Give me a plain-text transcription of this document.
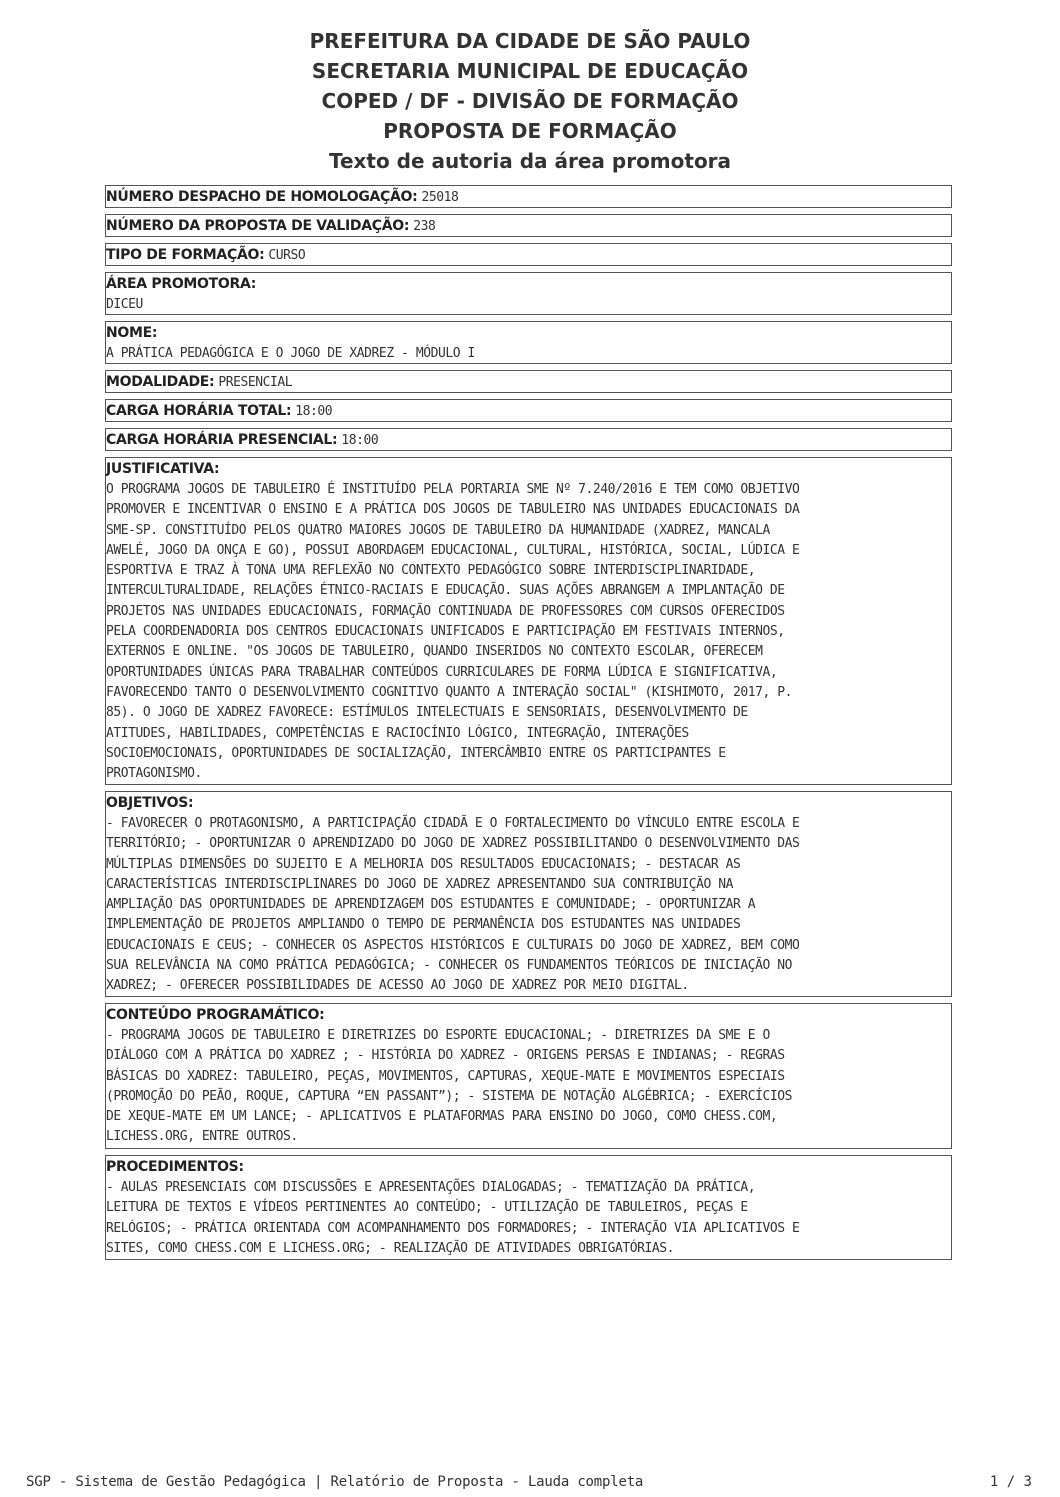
PREFEITURA DA CIDADE DE SÃO PAULO
SECRETARIA MUNICIPAL DE EDUCAÇÃO
COPED / DF - DIVISÃO DE FORMAÇÃO
PROPOSTA DE FORMAÇÃO
Texto de autoria da área promotora
NÚMERO DESPACHO DE HOMOLOGAÇÃO: 25018
NÚMERO DA PROPOSTA DE VALIDAÇÃO: 238
TIPO DE FORMAÇÃO: CURSO
ÁREA PROMOTORA:
DICEU
NOME:
A PRÁTICA PEDAGÓGICA E O JOGO DE XADREZ - MÓDULO I
MODALIDADE: PRESENCIAL
CARGA HORÁRIA TOTAL: 18:00
CARGA HORÁRIA PRESENCIAL: 18:00
JUSTIFICATIVA:
O PROGRAMA JOGOS DE TABULEIRO É INSTITUÍDO PELA PORTARIA SME Nº 7.240/2016 E TEM COMO OBJETIVO
PROMOVER E INCENTIVAR O ENSINO E A PRÁTICA DOS JOGOS DE TABULEIRO NAS UNIDADES EDUCACIONAIS DA
SME-SP. CONSTITUÍDO PELOS QUATRO MAIORES JOGOS DE TABULEIRO DA HUMANIDADE (XADREZ, MANCALA
AWELÉ, JOGO DA ONÇA E GO), POSSUI ABORDAGEM EDUCACIONAL, CULTURAL, HISTÓRICA, SOCIAL, LÚDICA E
ESPORTIVA E TRAZ À TONA UMA REFLEXÃO NO CONTEXTO PEDAGÓGICO SOBRE INTERDISCIPLINARIDADE,
INTERCULTURALIDADE, RELAÇÕES ÉTNICO-RACIAIS E EDUCAÇÃO. SUAS AÇÕES ABRANGEM A IMPLANTAÇÃO DE
PROJETOS NAS UNIDADES EDUCACIONAIS, FORMAÇÃO CONTINUADA DE PROFESSORES COM CURSOS OFERECIDOS
PELA COORDENADORIA DOS CENTROS EDUCACIONAIS UNIFICADOS E PARTICIPAÇÃO EM FESTIVAIS INTERNOS,
EXTERNOS E ONLINE. "OS JOGOS DE TABULEIRO, QUANDO INSERIDOS NO CONTEXTO ESCOLAR, OFERECEM
OPORTUNIDADES ÚNICAS PARA TRABALHAR CONTEÚDOS CURRICULARES DE FORMA LÚDICA E SIGNIFICATIVA,
FAVORECENDO TANTO O DESENVOLVIMENTO COGNITIVO QUANTO A INTERAÇÃO SOCIAL" (KISHIMOTO, 2017, P.
85). O JOGO DE XADREZ FAVORECE: ESTÍMULOS INTELECTUAIS E SENSORIAIS, DESENVOLVIMENTO DE
ATITUDES, HABILIDADES, COMPETÊNCIAS E RACIOCÍNIO LÓGICO, INTEGRAÇÃO, INTERAÇÕES
SOCIOEMOCIONAIS, OPORTUNIDADES DE SOCIALIZAÇÃO, INTERCÂMBIO ENTRE OS PARTICIPANTES E
PROTAGONISMO.
OBJETIVOS:
- FAVORECER O PROTAGONISMO, A PARTICIPAÇÃO CIDADÃ E O FORTALECIMENTO DO VÍNCULO ENTRE ESCOLA E
TERRITÓRIO; - OPORTUNIZAR O APRENDIZADO DO JOGO DE XADREZ POSSIBILITANDO O DESENVOLVIMENTO DAS
MÚLTIPLAS DIMENSÕES DO SUJEITO E A MELHORIA DOS RESULTADOS EDUCACIONAIS; - DESTACAR AS
CARACTERÍSTICAS INTERDISCIPLINARES DO JOGO DE XADREZ APRESENTANDO SUA CONTRIBUIÇÃO NA
AMPLIAÇÃO DAS OPORTUNIDADES DE APRENDIZAGEM DOS ESTUDANTES E COMUNIDADE; - OPORTUNIZAR A
IMPLEMENTAÇÃO DE PROJETOS AMPLIANDO O TEMPO DE PERMANÊNCIA DOS ESTUDANTES NAS UNIDADES
EDUCACIONAIS E CEUS; - CONHECER OS ASPECTOS HISTÓRICOS E CULTURAIS DO JOGO DE XADREZ, BEM COMO
SUA RELEVÂNCIA NA COMO PRÁTICA PEDAGÓGICA; - CONHECER OS FUNDAMENTOS TEÓRICOS DE INICIAÇÃO NO
XADREZ; - OFERECER POSSIBILIDADES DE ACESSO AO JOGO DE XADREZ POR MEIO DIGITAL.
CONTEÚDO PROGRAMÁTICO:
- PROGRAMA JOGOS DE TABULEIRO E DIRETRIZES DO ESPORTE EDUCACIONAL; - DIRETRIZES DA SME E O
DIÁLOGO COM A PRÁTICA DO XADREZ ; - HISTÓRIA DO XADREZ - ORIGENS PERSAS E INDIANAS; - REGRAS
BÁSICAS DO XADREZ: TABULEIRO, PEÇAS, MOVIMENTOS, CAPTURAS, XEQUE-MATE E MOVIMENTOS ESPECIAIS
(PROMOÇÃO DO PEÃO, ROQUE, CAPTURA “EN PASSANT”); - SISTEMA DE NOTAÇÃO ALGÉBRICA; - EXERCÍCIOS
DE XEQUE-MATE EM UM LANCE; - APLICATIVOS E PLATAFORMAS PARA ENSINO DO JOGO, COMO CHESS.COM,
LICHESS.ORG, ENTRE OUTROS.
PROCEDIMENTOS:
- AULAS PRESENCIAIS COM DISCUSSÕES E APRESENTAÇÕES DIALOGADAS; - TEMATIZAÇÃO DA PRÁTICA,
LEITURA DE TEXTOS E VÍDEOS PERTINENTES AO CONTEÚDO; - UTILIZAÇÃO DE TABULEIROS, PEÇAS E
RELÓGIOS; - PRÁTICA ORIENTADA COM ACOMPANHAMENTO DOS FORMADORES; - INTERAÇÃO VIA APLICATIVOS E
SITES, COMO CHESS.COM E LICHESS.ORG; - REALIZAÇÃO DE ATIVIDADES OBRIGATÓRIAS.
SGP - Sistema de Gestão Pedagógica | Relatório de Proposta - Lauda completa	1 / 3
